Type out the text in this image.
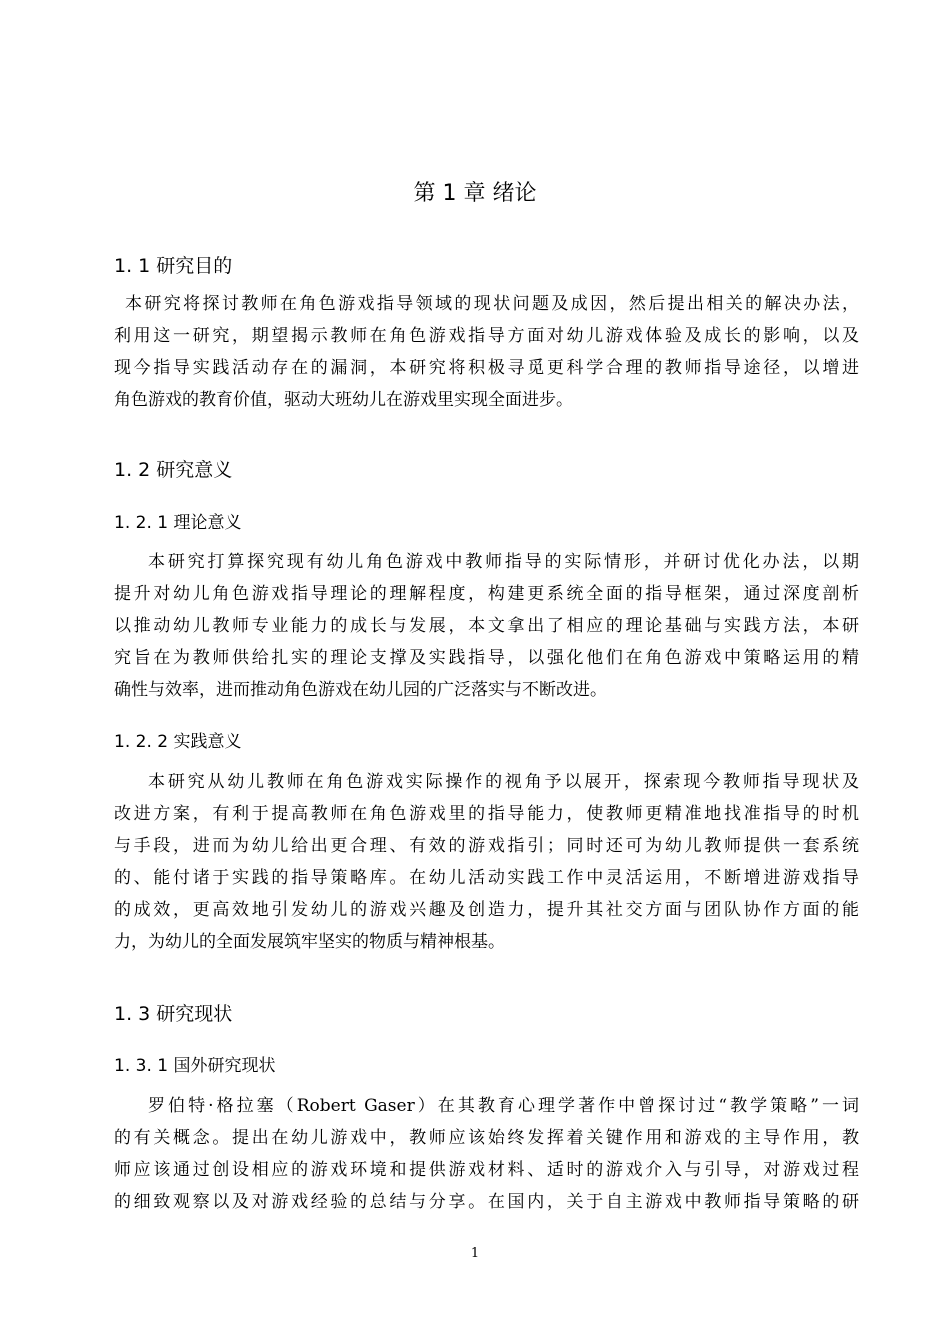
第 1 章 绪论
1. 1 研究目的
本研究将探讨教师在角色游戏指导领域的现状问题及成因，然后提出相关的解决办法，
利用这一研究，期望揭示教师在角色游戏指导方面对幼儿游戏体验及成长的影响，以及
现今指导实践活动存在的漏洞，本研究将积极寻觅更科学合理的教师指导途径，以增进
角色游戏的教育价值，驱动大班幼儿在游戏里实现全面进步。
1. 2 研究意义
1. 2. 1 理论意义
本研究打算探究现有幼儿角色游戏中教师指导的实际情形，并研讨优化办法，以期
提升对幼儿角色游戏指导理论的理解程度，构建更系统全面的指导框架，通过深度剖析
以推动幼儿教师专业能力的成长与发展，本文拿出了相应的理论基础与实践方法，本研
究旨在为教师供给扎实的理论支撑及实践指导，以强化他们在角色游戏中策略运用的精
确性与效率，进而推动角色游戏在幼儿园的广泛落实与不断改进。
1. 2. 2 实践意义
本研究从幼儿教师在角色游戏实际操作的视角予以展开，探索现今教师指导现状及
改进方案，有利于提高教师在角色游戏里的指导能力，使教师更精准地找准指导的时机
与手段，进而为幼儿给出更合理、有效的游戏指引；同时还可为幼儿教师提供一套系统
的、能付诸于实践的指导策略库。在幼儿活动实践工作中灵活运用，不断增进游戏指导
的成效，更高效地引发幼儿的游戏兴趣及创造力，提升其社交方面与团队协作方面的能
力，为幼儿的全面发展筑牢坚实的物质与精神根基。
1. 3 研究现状
1. 3. 1 国外研究现状
罗伯特·格拉塞（Robert Gaser）在其教育心理学著作中曾探讨过“教学策略”一词
的有关概念。提出在幼儿游戏中，教师应该始终发挥着关键作用和游戏的主导作用，教
师应该通过创设相应的游戏环境和提供游戏材料、适时的游戏介入与引导，对游戏过程
的细致观察以及对游戏经验的总结与分享。在国内，关于自主游戏中教师指导策略的研
1
